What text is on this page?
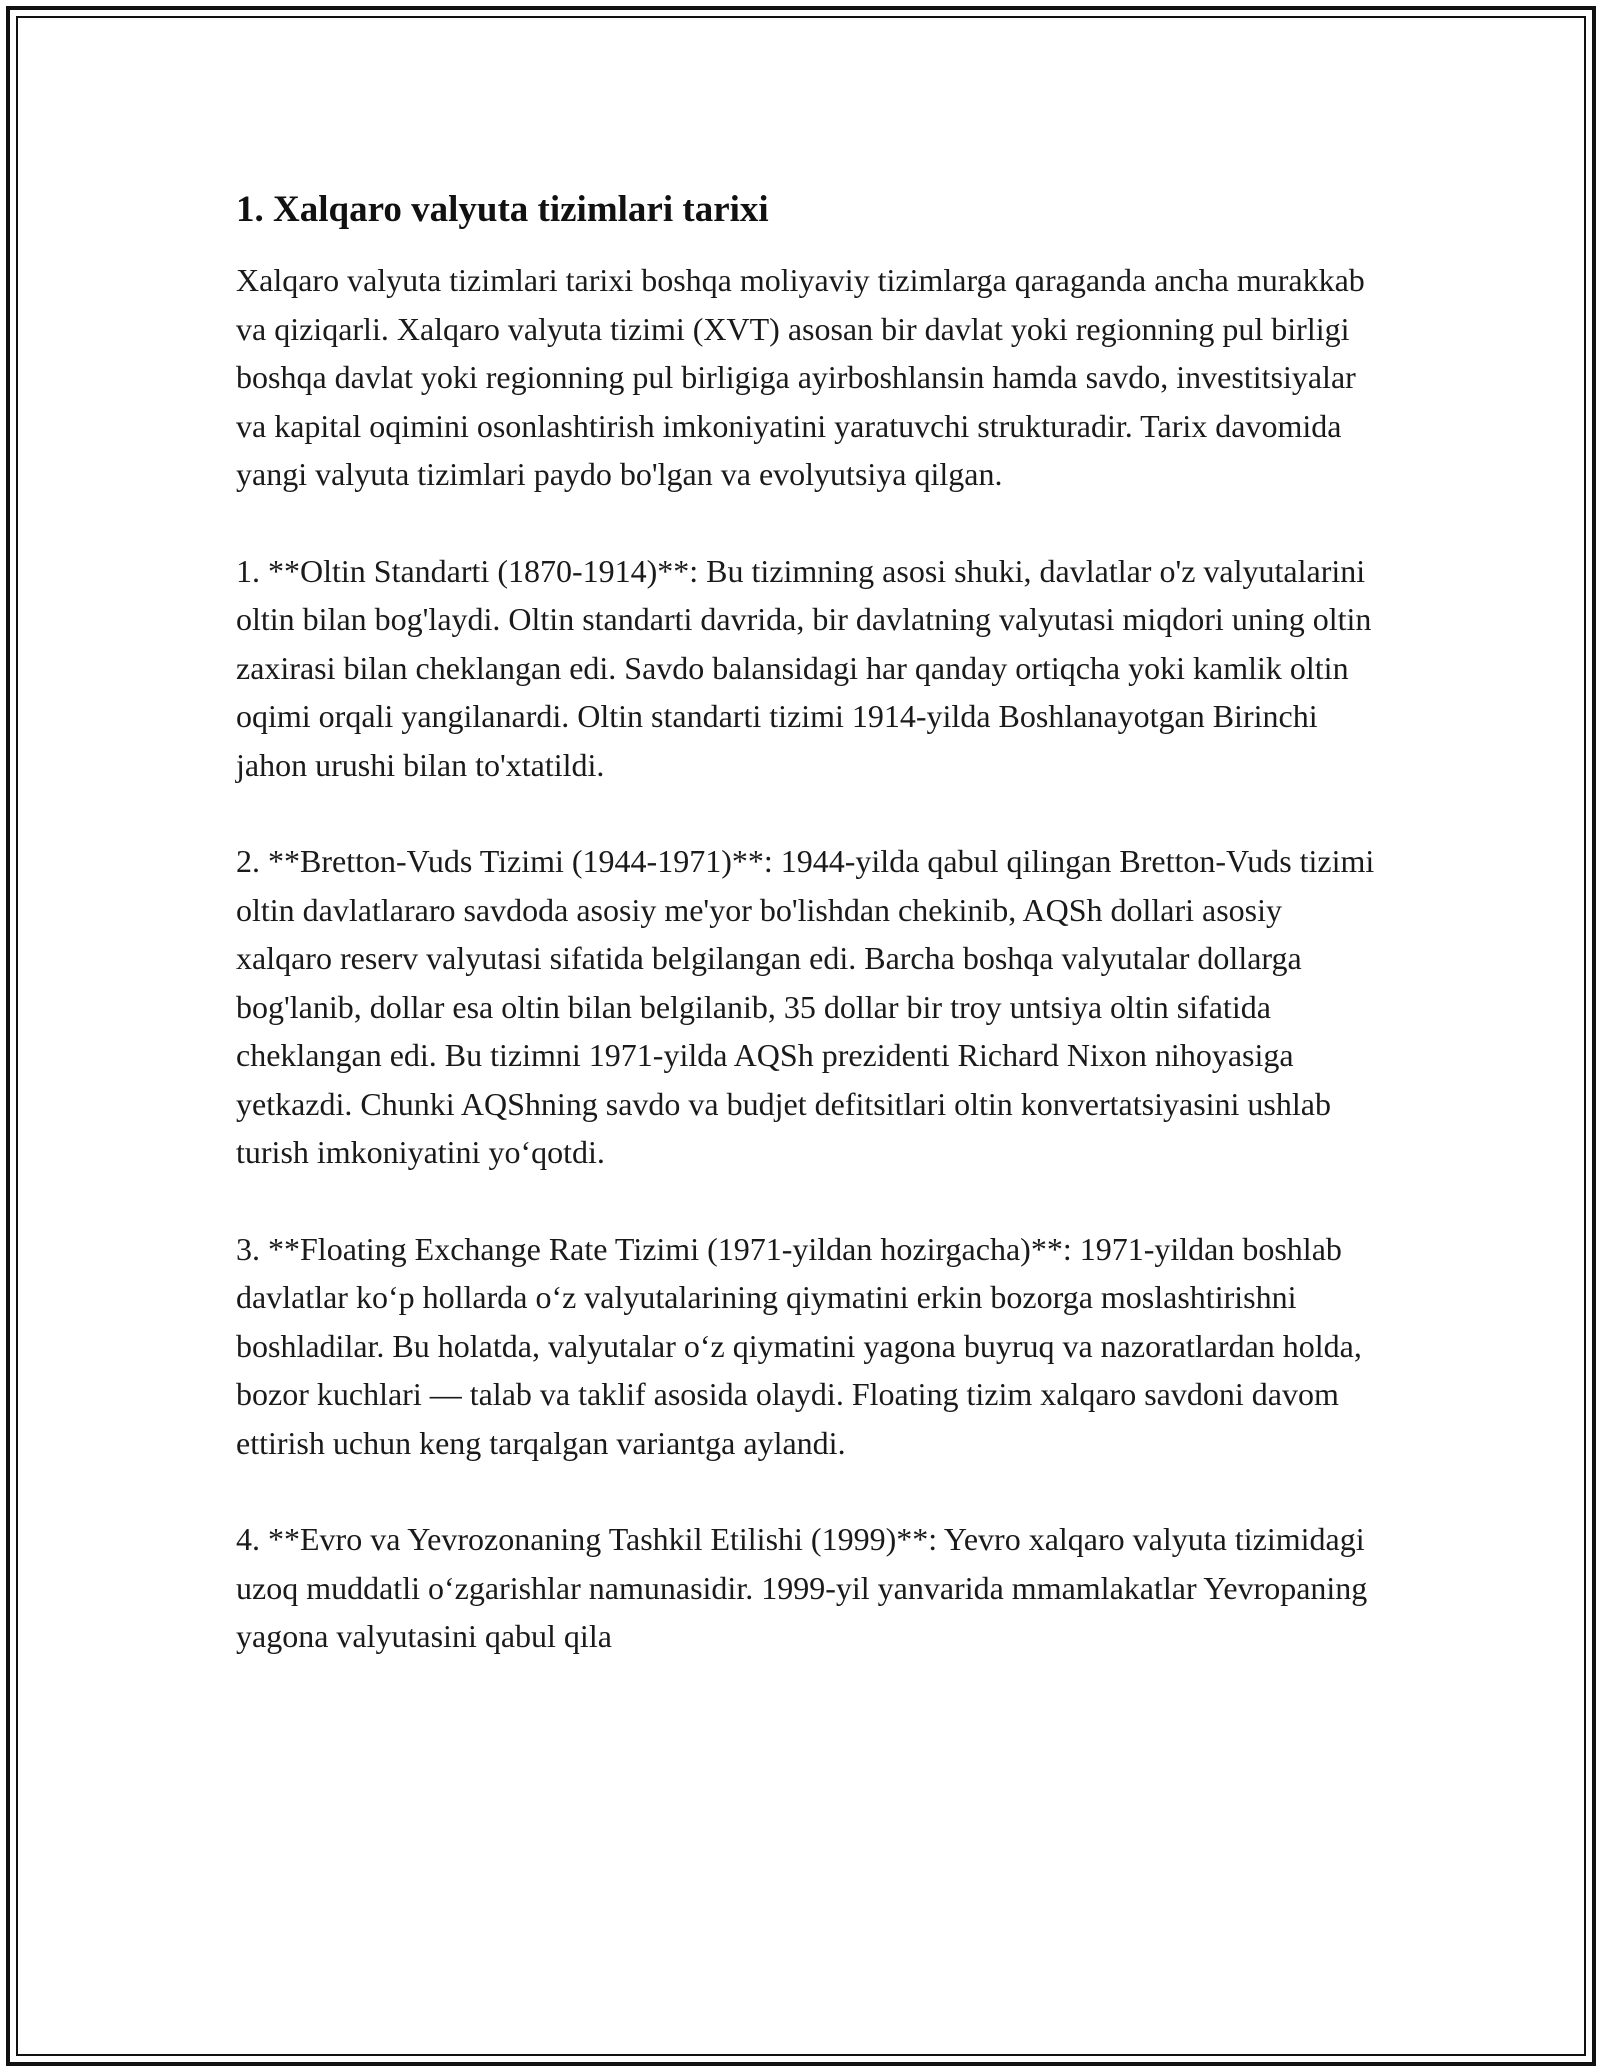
1. Xalqaro valyuta tizimlari tarixi

Xalqaro valyuta tizimlari tarixi boshqa moliyaviy tizimlarga qaraganda ancha murakkab va qiziqarli. Xalqaro valyuta tizimi (XVT) asosan bir davlat yoki regionning pul birligi boshqa davlat yoki regionning pul birligiga ayirboshlansin hamda savdo, investitsiyalar va kapital oqimini osonlashtirish imkoniyatini yaratuvchi strukturadir. Tarix davomida yangi valyuta tizimlari paydo bo'lgan va evolyutsiya qilgan.

1. **Oltin Standarti (1870-1914)**: Bu tizimning asosi shuki, davlatlar o'z valyutalarini oltin bilan bog'laydi. Oltin standarti davrida, bir davlatning valyutasi miqdori uning oltin zaxirasi bilan cheklangan edi. Savdo balansidagi har qanday ortiqcha yoki kamlik oltin oqimi orqali yangilanardi. Oltin standarti tizimi 1914-yilda Boshlanayotgan Birinchi jahon urushi bilan to'xtatildi.

2. **Bretton-Vuds Tizimi (1944-1971)**: 1944-yilda qabul qilingan Bretton-Vuds tizimi oltin davlatlararo savdoda asosiy me'yor bo'lishdan chekinib, AQSh dollari asosiy xalqaro reserv valyutasi sifatida belgilangan edi. Barcha boshqa valyutalar dollarga bog'lanib, dollar esa oltin bilan belgilanib, 35 dollar bir troy untsiya oltin sifatida cheklangan edi. Bu tizimni 1971-yilda AQSh prezidenti Richard Nixon nihoyasiga yetkazdi. Chunki AQShning savdo va budjet defitsitlari oltin konvertatsiyasini ushlab turish imkoniyatini yo‘qotdi.

3. **Floating Exchange Rate Tizimi (1971-yildan hozirgacha)**: 1971-yildan boshlab davlatlar ko‘p hollarda o‘z valyutalarining qiymatini erkin bozorga moslashtirishni boshladilar. Bu holatda, valyutalar o‘z qiymatini yagona buyruq va nazoratlardan holda, bozor kuchlari — talab va taklif asosida olaydi. Floating tizim xalqaro savdoni davom ettirish uchun keng tarqalgan variantga aylandi.

4. **Evro va Yevrozonaning Tashkil Etilishi (1999)**: Yevro xalqaro valyuta tizimidagi uzoq muddatli o‘zgarishlar namunasidir. 1999-yil yanvarida mmamlakatlar Yevropaning yagona valyutasini qabul qila
